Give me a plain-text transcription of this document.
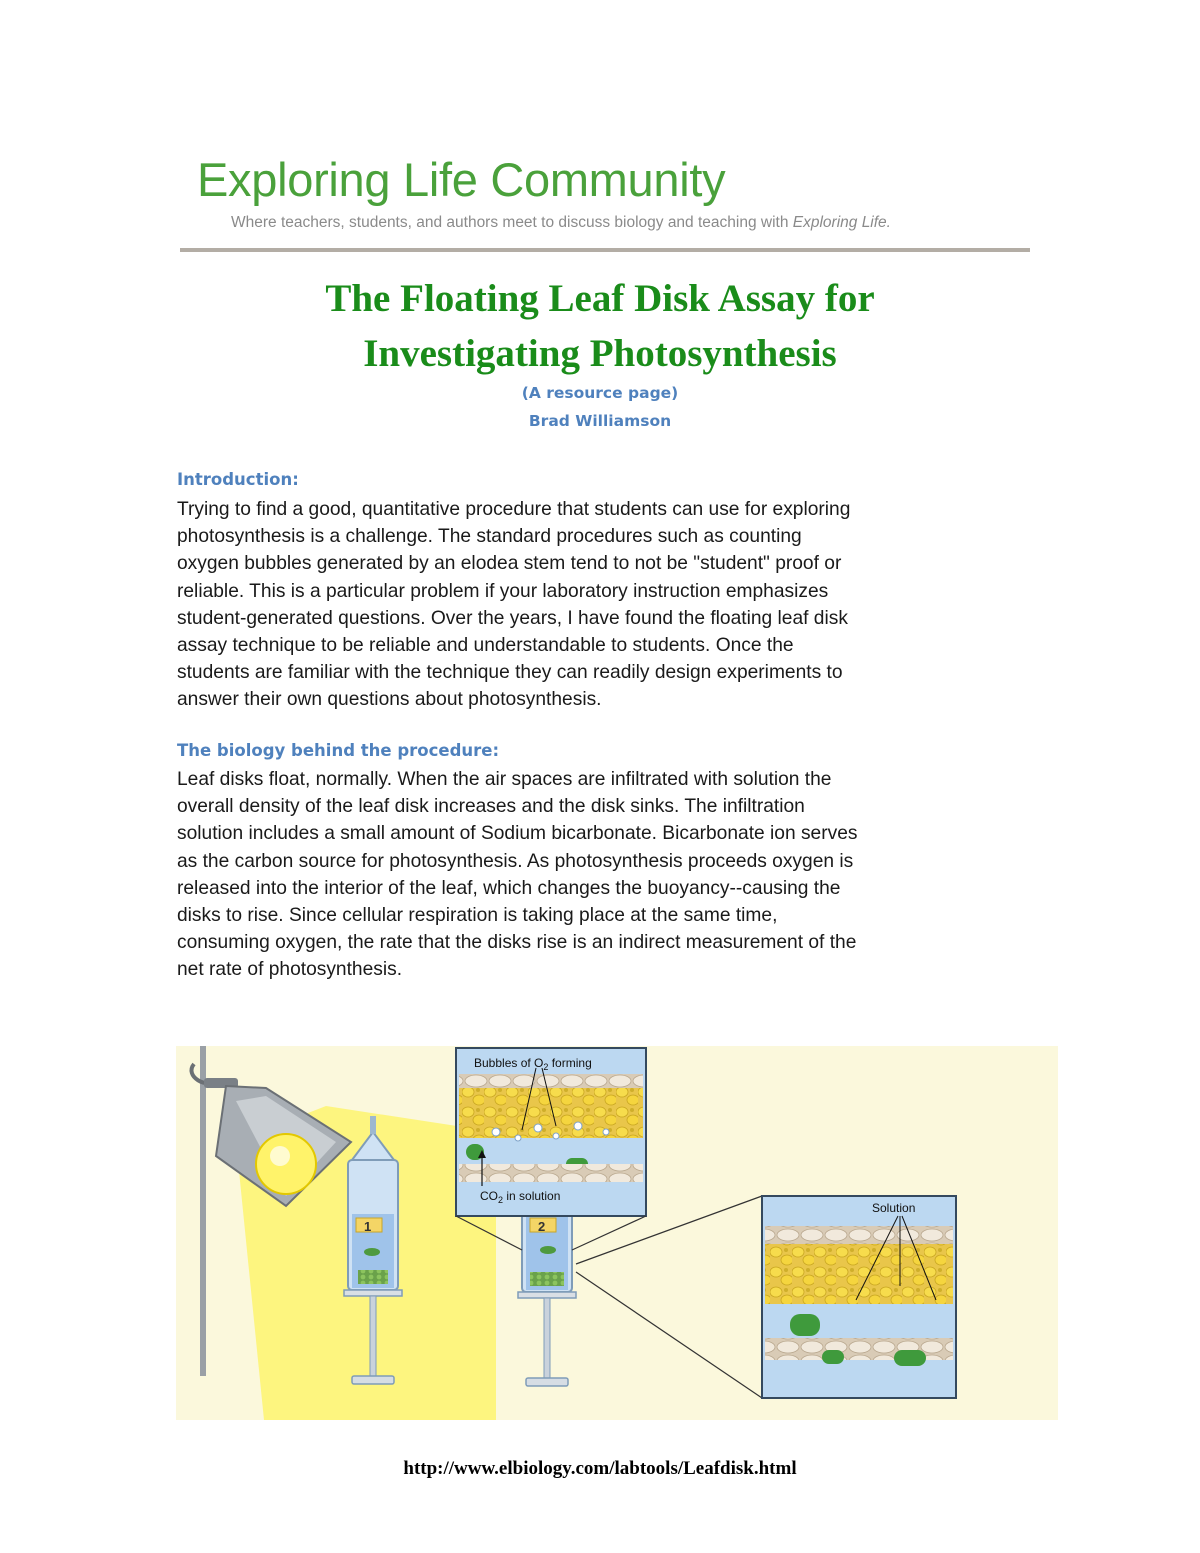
Exploring Life Community
Where teachers, students, and authors meet to discuss biology and teaching with Exploring Life.
The Floating Leaf Disk Assay for
Investigating Photosynthesis
(A resource page)
Brad Williamson
Introduction:
Trying to find a good, quantitative procedure that students can use for exploring
photosynthesis is a challenge. The standard procedures such as counting
oxygen bubbles generated by an elodea stem tend to not be "student" proof or
reliable. This is a particular problem if your laboratory instruction emphasizes
student-generated questions. Over the years, I have found the floating leaf disk
assay technique to be reliable and understandable to students. Once the
students are familiar with the technique they can readily design experiments to
answer their own questions about photosynthesis.
The biology behind the procedure:
Leaf disks float, normally. When the air spaces are infiltrated with solution the
overall density of the leaf disk increases and the disk sinks. The infiltration
solution includes a small amount of Sodium bicarbonate. Bicarbonate ion serves
as the carbon source for photosynthesis. As photosynthesis proceeds oxygen is
released into the interior of the leaf, which changes the buoyancy--causing the
disks to rise. Since cellular respiration is taking place at the same time,
consuming oxygen, the rate that the disks rise is an indirect measurement of the
net rate of photosynthesis.
1	2
Bubbles of $O_2$ forming
$CO_2$ in solution
Solution
http://www.elbiology.com/labtools/Leafdisk.html
